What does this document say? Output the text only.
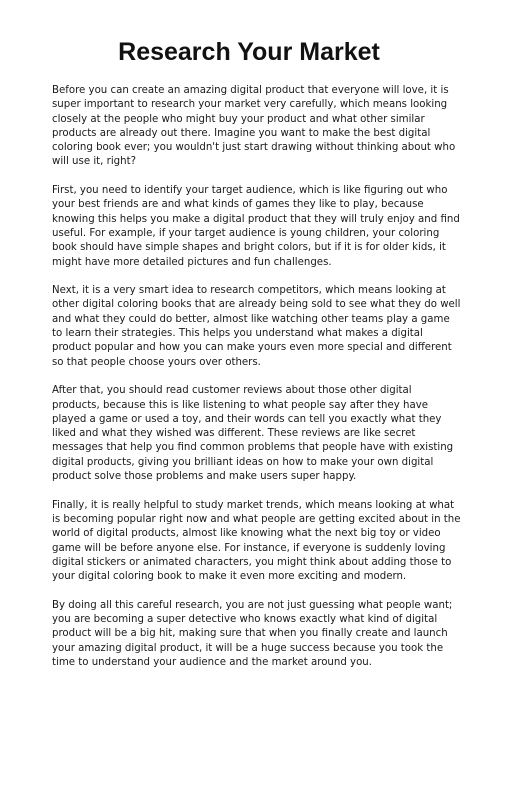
Research Your Market

Before you can create an amazing digital product that everyone will love, it is super important to research your market very carefully, which means looking closely at the people who might buy your product and what other similar products are already out there. Imagine you want to make the best digital coloring book ever; you wouldn't just start drawing without thinking about who will use it, right?

First, you need to identify your target audience, which is like figuring out who your best friends are and what kinds of games they like to play, because knowing this helps you make a digital product that they will truly enjoy and find useful. For example, if your target audience is young children, your coloring book should have simple shapes and bright colors, but if it is for older kids, it might have more detailed pictures and fun challenges.

Next, it is a very smart idea to research competitors, which means looking at other digital coloring books that are already being sold to see what they do well and what they could do better, almost like watching other teams play a game to learn their strategies. This helps you understand what makes a digital product popular and how you can make yours even more special and different so that people choose yours over others.

After that, you should read customer reviews about those other digital products, because this is like listening to what people say after they have played a game or used a toy, and their words can tell you exactly what they liked and what they wished was different. These reviews are like secret messages that help you find common problems that people have with existing digital products, giving you brilliant ideas on how to make your own digital product solve those problems and make users super happy.

Finally, it is really helpful to study market trends, which means looking at what is becoming popular right now and what people are getting excited about in the world of digital products, almost like knowing what the next big toy or video game will be before anyone else. For instance, if everyone is suddenly loving digital stickers or animated characters, you might think about adding those to your digital coloring book to make it even more exciting and modern.

By doing all this careful research, you are not just guessing what people want; you are becoming a super detective who knows exactly what kind of digital product will be a big hit, making sure that when you finally create and launch your amazing digital product, it will be a huge success because you took the time to understand your audience and the market around you.
